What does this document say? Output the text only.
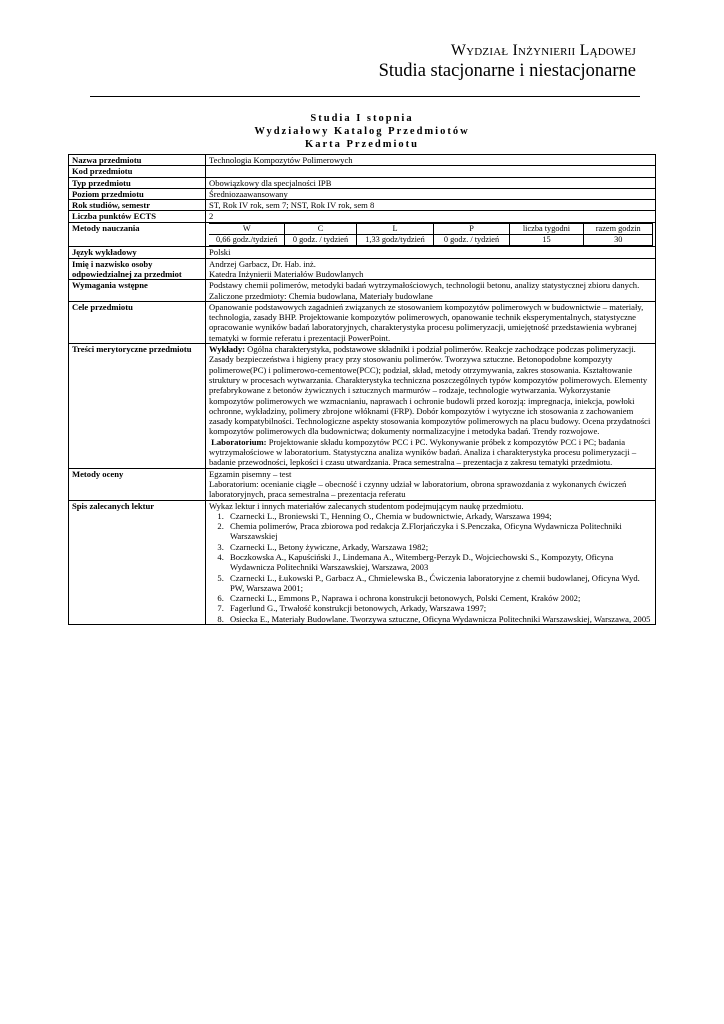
Wydział Inżynierii Lądowej
Studia stacjonarne i niestacjonarne
Studia I stopnia
Wydziałowy Katalog Przedmiotów
Karta Przedmiotu
Nazwa przedmiotu	Technologia Kompozytów Polimerowych
Kod przedmiotu	
Typ przedmiotu	Obowiązkowy dla specjalności IPB
Poziom przedmiotu	Średniozaawansowany
Rok studiów, semestr	ST, Rok IV rok, sem 7; NST, Rok IV rok, sem 8
Liczba punktów ECTS	2
Metody nauczania		W	C	L	P	liczba tygodni	razem godzin
0,66 godz./tydzień	0 godz. / tydzień	1,33 godz/tydzień	0 godz. / tydzień	15	30

Język wykładowy	Polski
Imię i nazwisko osoby odpowiedzialnej za przedmiot	
Andrzej Garbacz, Dr. Hab. inż.
Katedra Inżynierii Materiałów Budowlanych

Wymagania wstępne	Podstawy chemii polimerów, metodyki badań wytrzymałościowych, technologii betonu, analizy statystycznej zbioru danych.
Zaliczone przedmioty: Chemia budowlana, Materiały budowlane

Cele przedmiotu	Opanowanie podstawowych zagadnień związanych ze stosowaniem kompozytów polimerowych w budownictwie – materiały, technologia, zasady BHP. Projektowanie kompozytów polimerowych, opanowanie technik eksperymentalnych, statystyczne opracowanie wyników badań laboratoryjnych, charakterystyka procesu polimeryzacji, umiejętność przedstawienia wybranej tematyki w formie referatu i prezentacji PowerPoint.
Treści merytoryczne przedmiotu	Wykłady: Ogólna charakterystyka, podstawowe składniki i podział polimerów. Reakcje zachodzące podczas polimeryzacji. Zasady bezpieczeństwa i higieny pracy przy stosowaniu polimerów. Tworzywa sztuczne. Betonopodobne kompozyty polimerowe(PC) i polimerowo-cementowe(PCC); podział, skład, metody otrzymywania, zakres stosowania. Kształtowanie struktury w procesach wytwarzania. Charakterystyka techniczna poszczególnych typów kompozytów polimerowych. Elementy prefabrykowane z betonów żywicznych i sztucznych marmurów – rodzaje, technologie wytwarzania. Wykorzystanie kompozytów polimerowych we wzmacnianiu, naprawach i ochronie budowli przed korozją: impregnacja, iniekcja, powłoki ochronne, wykładziny, polimery zbrojone włóknami (FRP). Dobór kompozytów i wytyczne ich stosowania z zachowaniem zasady kompatybilności. Technologiczne aspekty stosowania kompozytów polimerowych na placu budowy. Ocena przydatności kompozytów polimerowych dla budownictwa; dokumenty normalizacyjne i metodyka badań. Trendy rozwojowe.
Laboratorium: Projektowanie składu kompozytów PCC i PC. Wykonywanie próbek z kompozytów PCC i PC; badania wytrzymałościowe w laboratorium. Statystyczna analiza wyników badań. Analiza i charakterystyka procesu polimeryzacji – badanie przewodności, lepkości i czasu utwardzania. Praca semestralna – prezentacja z zakresu tematyki przedmiotu.

Metody oceny	Egzamin pisemny – test
Laboratorium: ocenianie ciągłe – obecność i czynny udział w laboratorium, obrona sprawozdania z wykonanych ćwiczeń laboratoryjnych, praca semestralna – prezentacja referatu

Spis zalecanych lektur	Wykaz lektur i innych materiałów zalecanych studentom podejmującym naukę przedmiotu.
1. Czarnecki L., Broniewski T., Henning O., Chemia w budownictwie, Arkady, Warszawa 1994;
2. Chemia polimerów, Praca zbiorowa pod redakcja Z.Florjańczyka i S.Penczaka, Oficyna Wydawnicza Politechniki Warszawskiej
3. Czarnecki L., Betony żywiczne, Arkady, Warszawa 1982;
4. Boczkowska A., Kapuściński J., Lindemana A., Witemberg-Perzyk D., Wojciechowski S., Kompozyty, Oficyna Wydawnicza Politechniki Warszawskiej, Warszawa, 2003
5. Czarnecki L., Łukowski P., Garbacz A., Chmielewska B., Ćwiczenia laboratoryjne z chemii budowlanej, Oficyna Wyd. PW, Warszawa 2001;
6. Czarnecki L., Emmons P., Naprawa i ochrona konstrukcji betonowych, Polski Cement, Kraków 2002;
7. Fagerlund G., Trwałość konstrukcji betonowych, Arkady, Warszawa 1997;
8. Osiecka E., Materiały Budowlane. Tworzywa sztuczne, Oficyna Wydawnicza Politechniki Warszawskiej, Warszawa, 2005
